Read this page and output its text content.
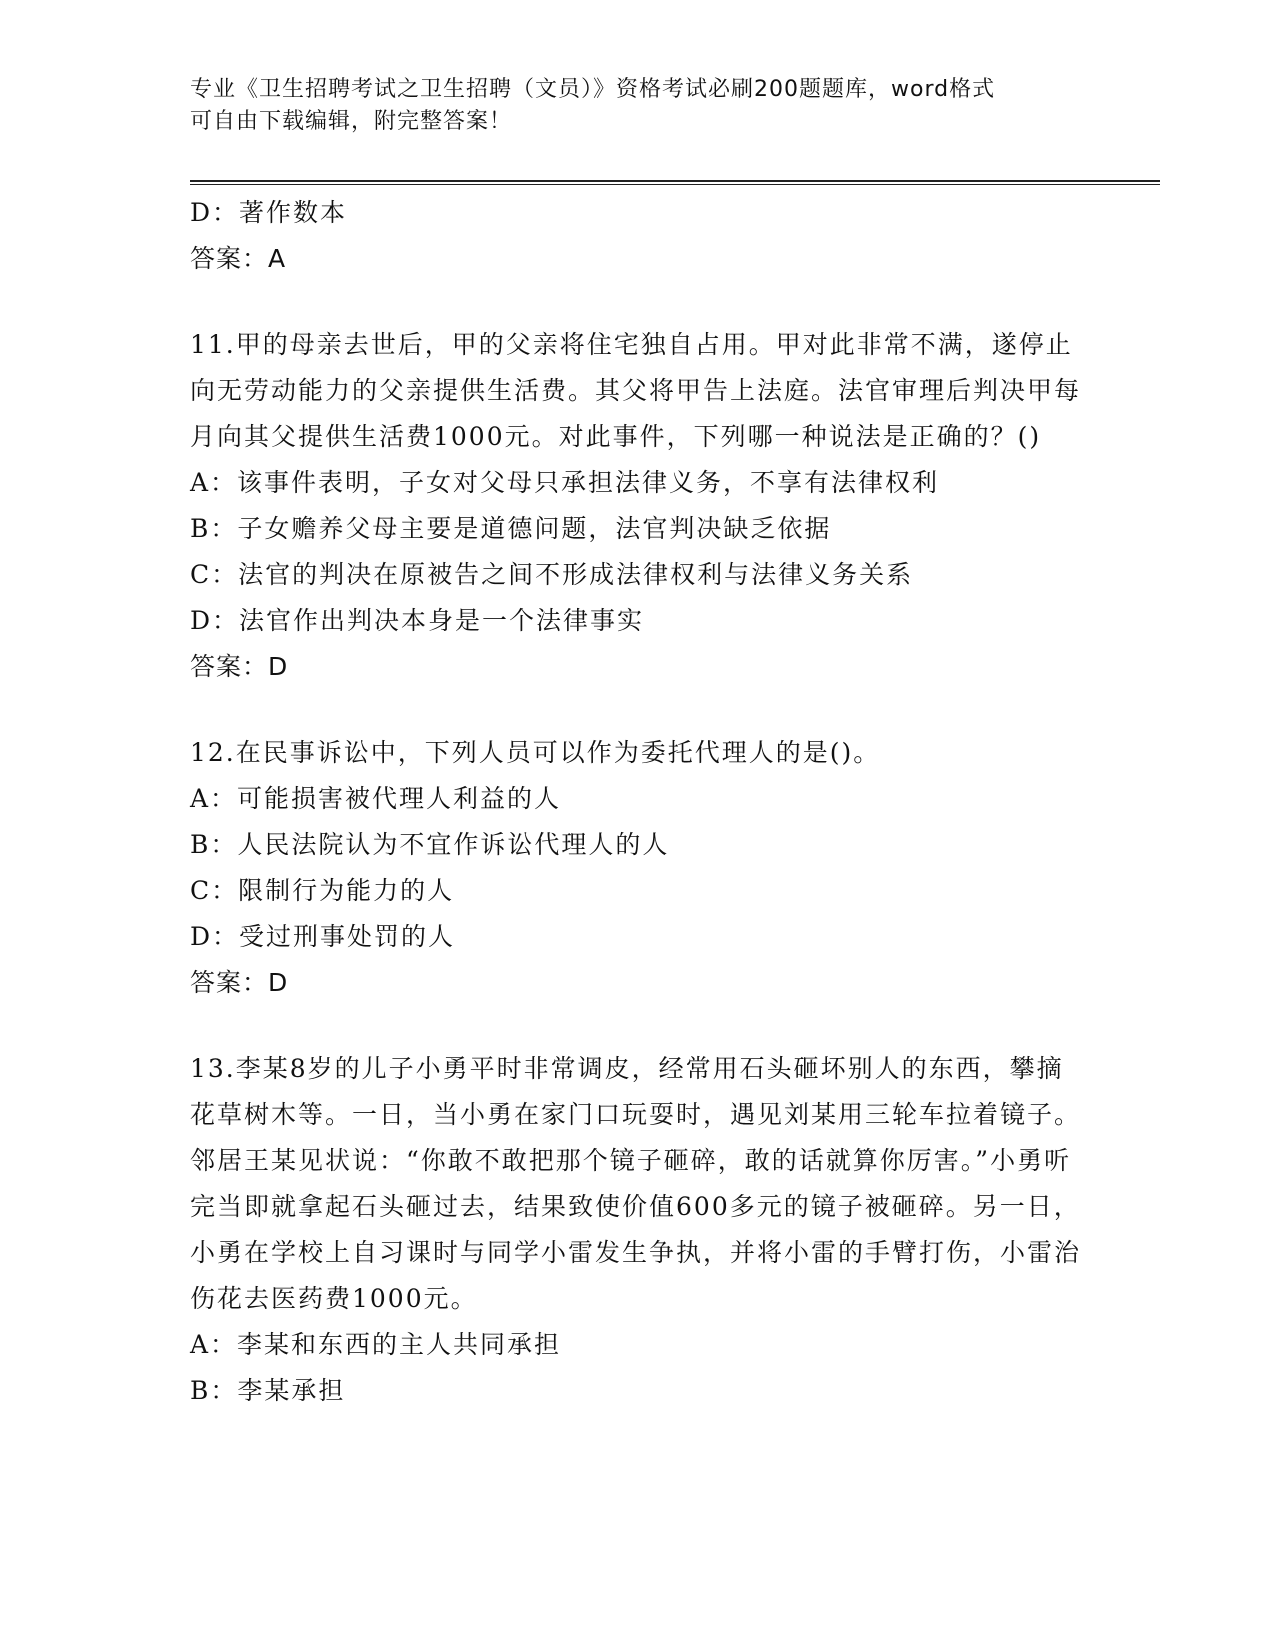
专业《卫生招聘考试之卫生招聘（文员）》资格考试必刷200题题库，word格式
可自由下载编辑，附完整答案！

D：著作数本

答案：A

11.甲的母亲去世后，甲的父亲将住宅独自占用。甲对此非常不满，遂停止向无劳动能力的父亲提供生活费。其父将甲告上法庭。法官审理后判决甲每月向其父提供生活费1000元。对此事件，下列哪一种说法是正确的？()

A：该事件表明，子女对父母只承担法律义务，不享有法律权利

B：子女赡养父母主要是道德问题，法官判决缺乏依据

C：法官的判决在原被告之间不形成法律权利与法律义务关系

D：法官作出判决本身是一个法律事实

答案：D

12.在民事诉讼中，下列人员可以作为委托代理人的是()。

A：可能损害被代理人利益的人

B：人民法院认为不宜作诉讼代理人的人

C：限制行为能力的人

D：受过刑事处罚的人

答案：D

13.李某8岁的儿子小勇平时非常调皮，经常用石头砸坏别人的东西，攀摘花草树木等。一日，当小勇在家门口玩耍时，遇见刘某用三轮车拉着镜子。邻居王某见状说：“你敢不敢把那个镜子砸碎，敢的话就算你厉害。”小勇听完当即就拿起石头砸过去，结果致使价值600多元的镜子被砸碎。另一日，小勇在学校上自习课时与同学小雷发生争执，并将小雷的手臂打伤，小雷治伤花去医药费1000元。

A：李某和东西的主人共同承担

B：李某承担
